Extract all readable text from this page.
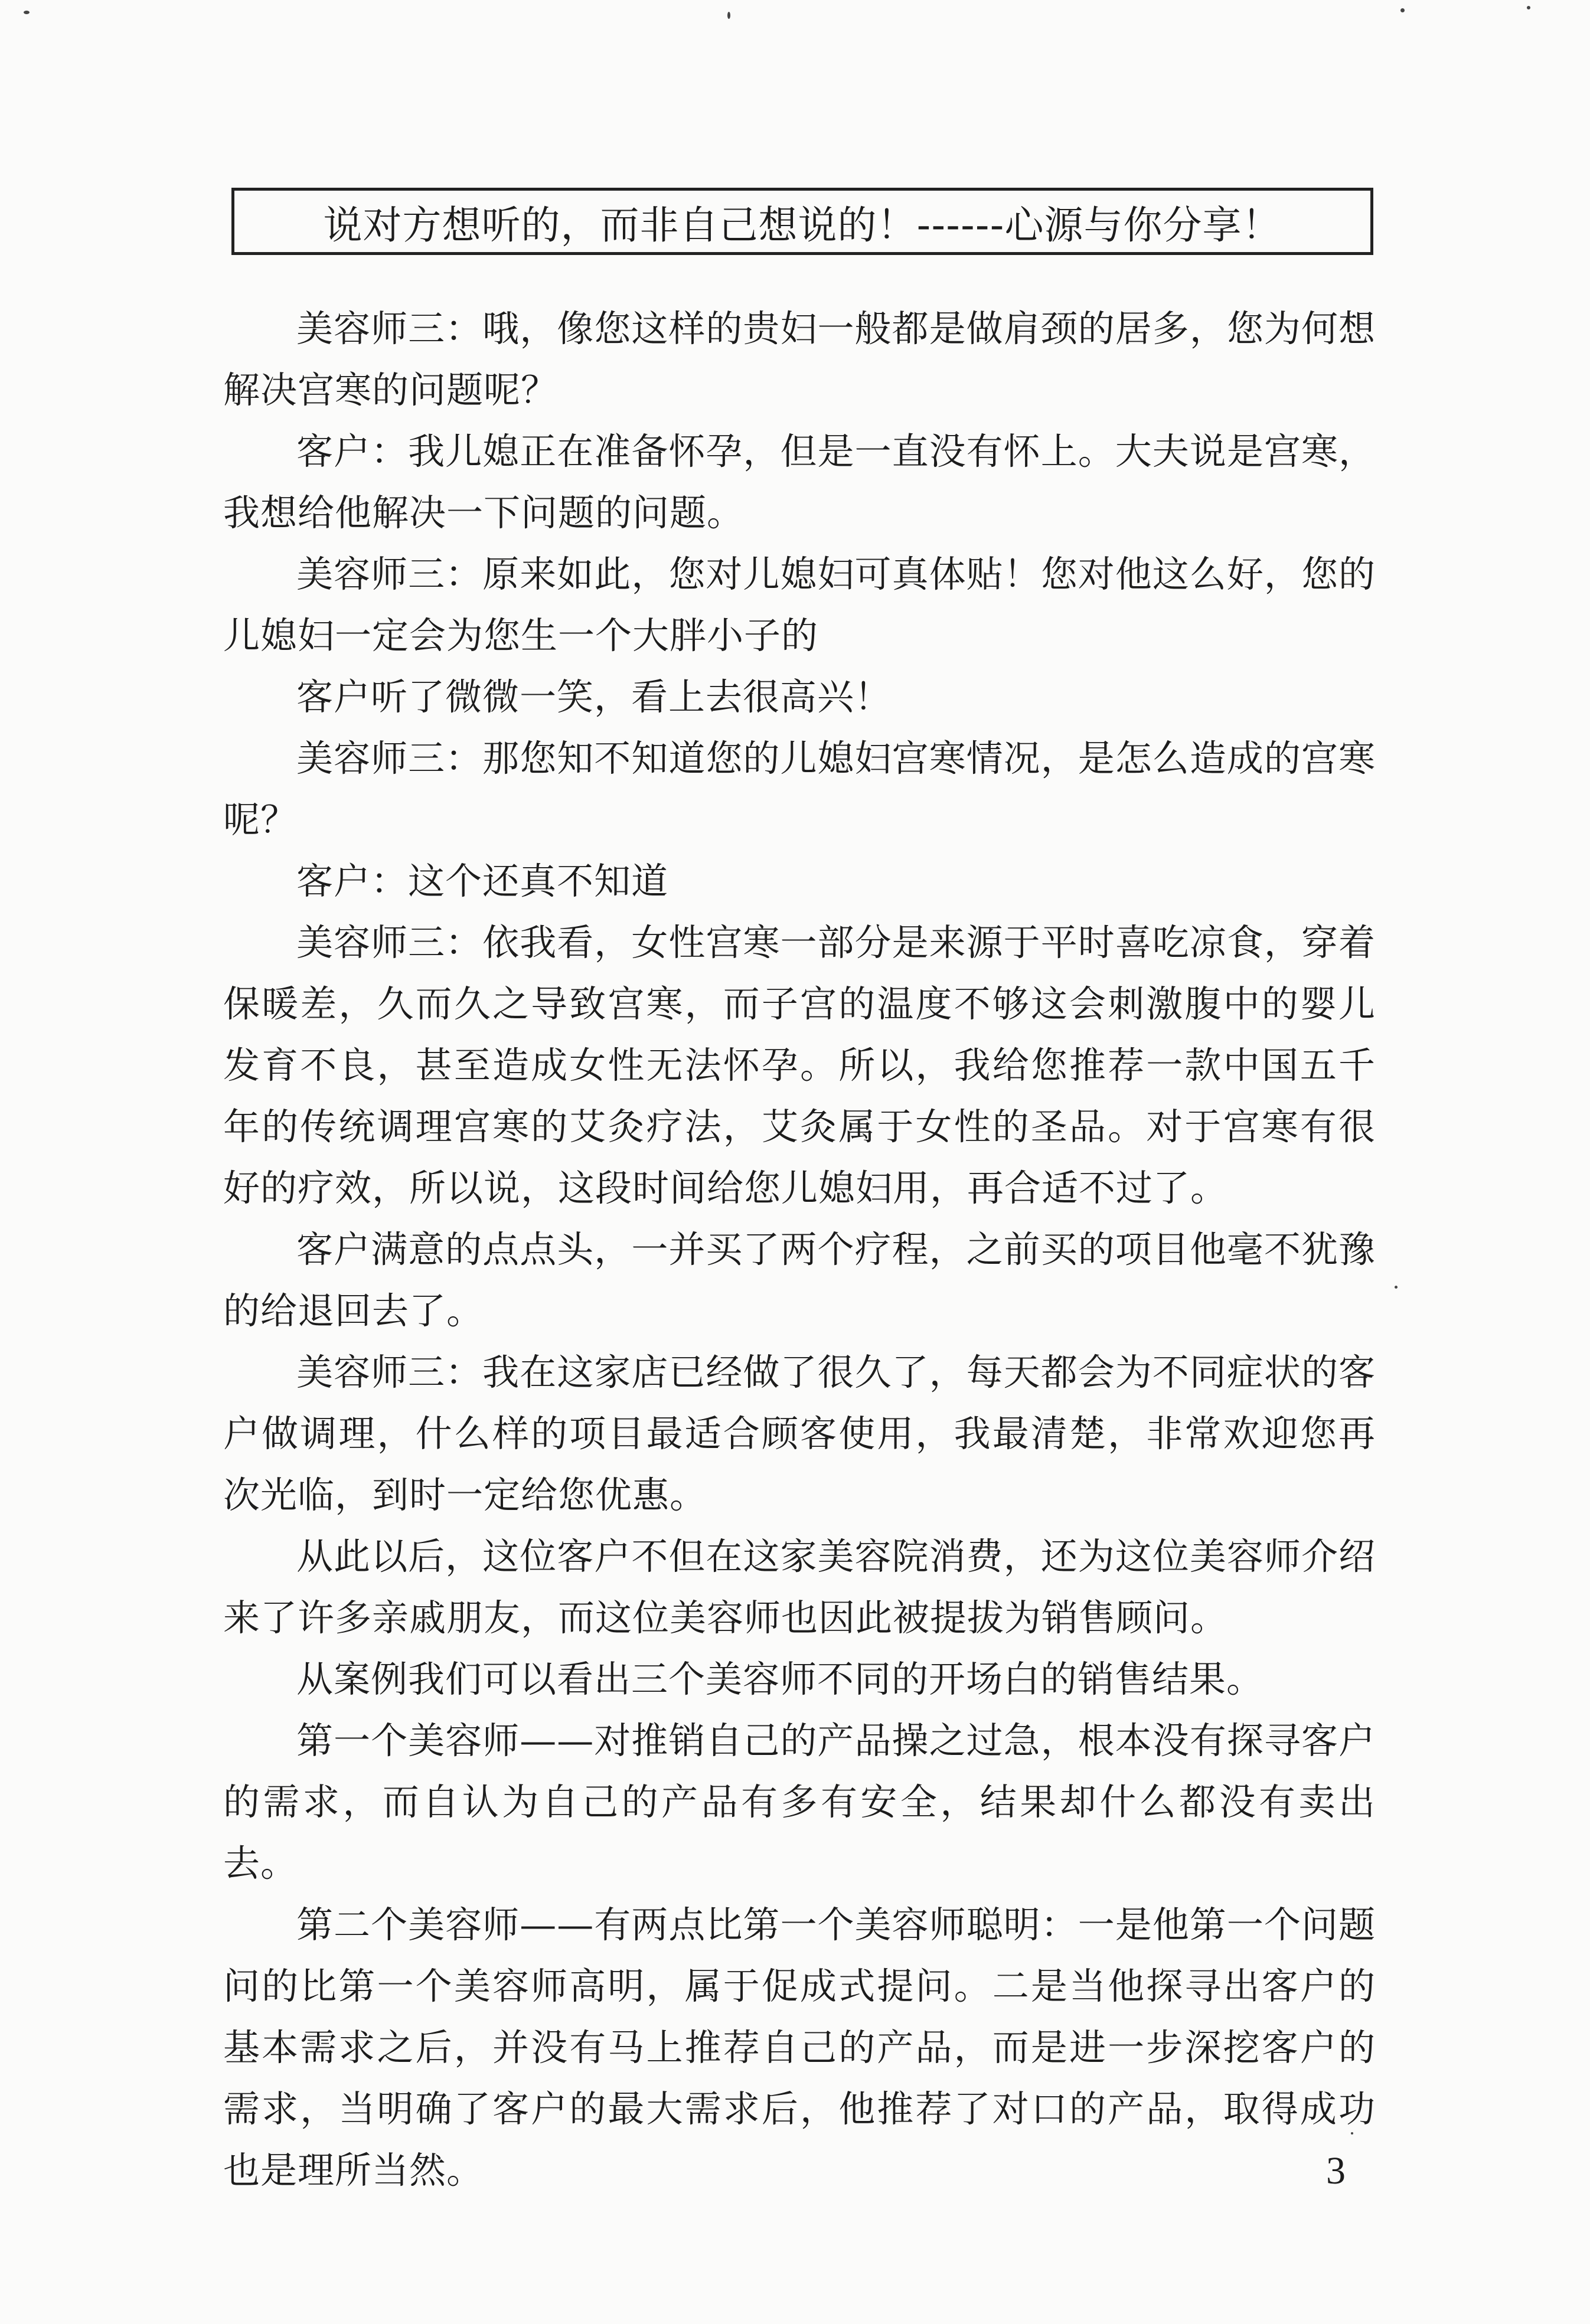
说对方想听的，而非自己想说的！------心源与你分享！

美容师三：哦，像您这样的贵妇一般都是做肩颈的居多，您为何想解决宫寒的问题呢？

客户：我儿媳正在准备怀孕，但是一直没有怀上。大夫说是宫寒，我想给他解决一下问题的问题。

美容师三：原来如此，您对儿媳妇可真体贴！您对他这么好，您的儿媳妇一定会为您生一个大胖小子的

客户听了微微一笑，看上去很高兴！

美容师三：那您知不知道您的儿媳妇宫寒情况，是怎么造成的宫寒呢？

客户：这个还真不知道

美容师三：依我看，女性宫寒一部分是来源于平时喜吃凉食，穿着保暖差，久而久之导致宫寒，而子宫的温度不够这会刺激腹中的婴儿发育不良，甚至造成女性无法怀孕。所以，我给您推荐一款中国五千年的传统调理宫寒的艾灸疗法，艾灸属于女性的圣品。对于宫寒有很好的疗效，所以说，这段时间给您儿媳妇用，再合适不过了。

客户满意的点点头，一并买了两个疗程，之前买的项目他毫不犹豫的给退回去了。

美容师三：我在这家店已经做了很久了，每天都会为不同症状的客户做调理，什么样的项目最适合顾客使用，我最清楚，非常欢迎您再次光临，到时一定给您优惠。

从此以后，这位客户不但在这家美容院消费，还为这位美容师介绍来了许多亲戚朋友，而这位美容师也因此被提拔为销售顾问。

从案例我们可以看出三个美容师不同的开场白的销售结果。

第一个美容师——对推销自己的产品操之过急，根本没有探寻客户的需求，而自认为自己的产品有多有安全，结果却什么都没有卖出去。

第二个美容师——有两点比第一个美容师聪明：一是他第一个问题问的比第一个美容师高明，属于促成式提问。二是当他探寻出客户的基本需求之后，并没有马上推荐自己的产品，而是进一步深挖客户的需求，当明确了客户的最大需求后，他推荐了对口的产品，取得成功也是理所当然。	3
